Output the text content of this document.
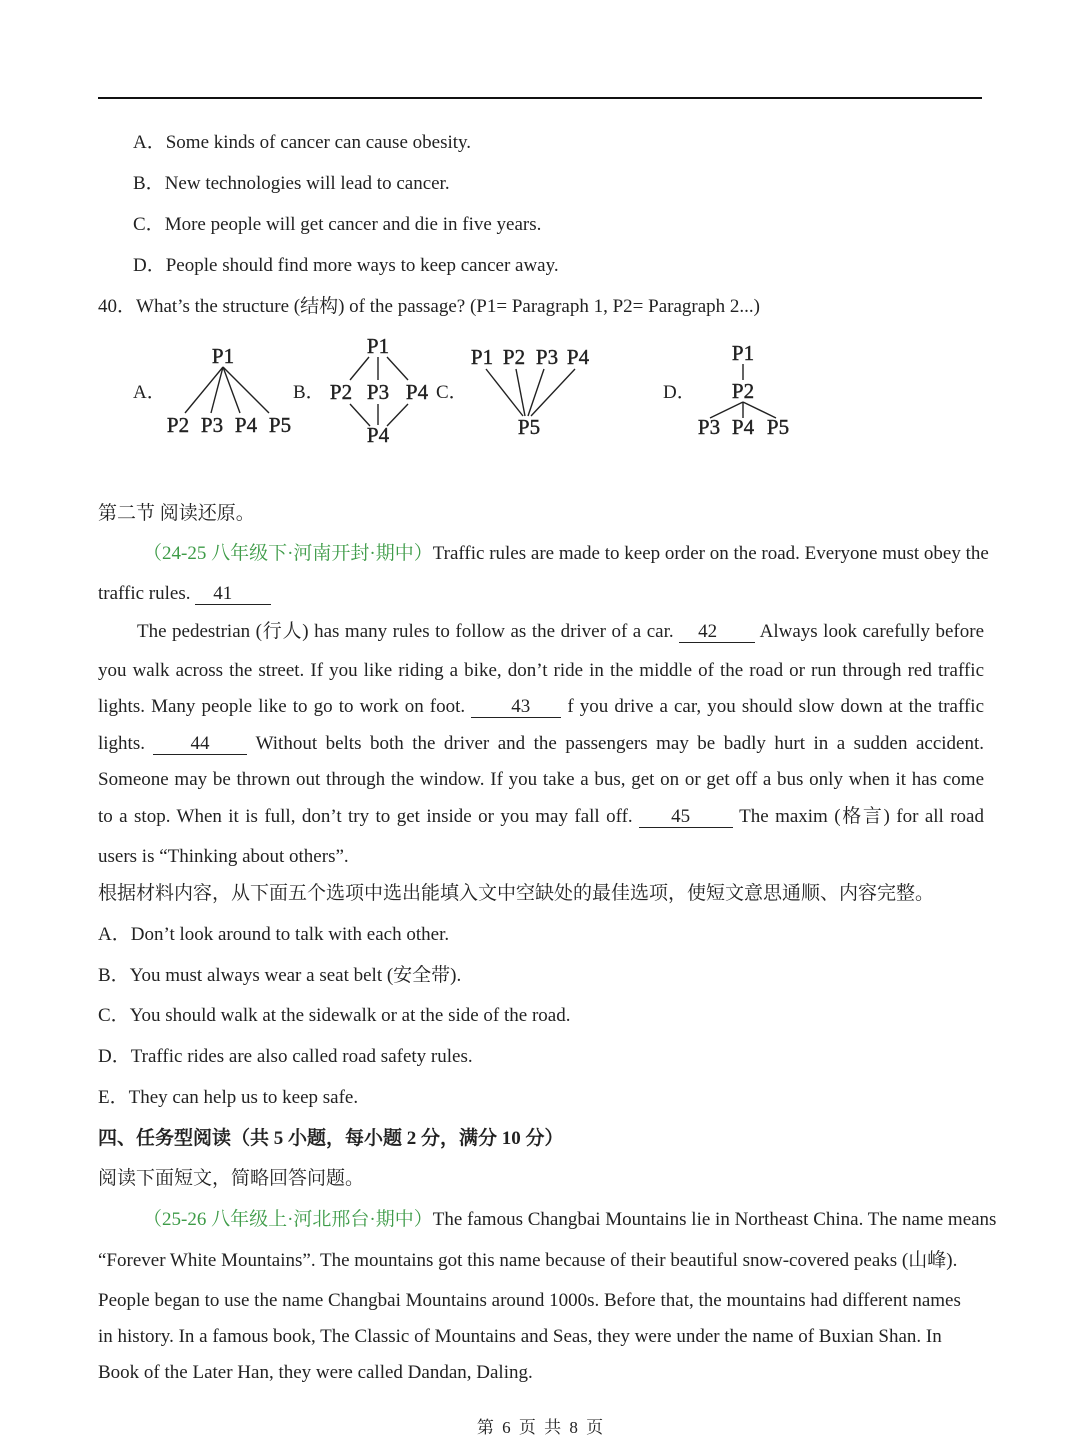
A．Some kinds of cancer can cause obesity.
B．New technologies will lead to cancer.
C．More people will get cancer and die in five years.
D．People should find more ways to keep cancer away.
40．What’s the structure (结构) of the passage? (P1= Paragraph 1, P2= Paragraph 2...)
A．	B．	C．	D．
P1
P2 P3 P4 P5
P1
P2 P3 P4
P4
P1 P2 P3 P4
P5
P1
P2
P3 P4 P5
第二节 阅读还原。
（24-25 八年级下·河南开封·期中）Traffic rules are made to keep order on the road. Everyone must obey the
traffic rules. 41
The pedestrian (行人) has many rules to follow as the driver of a car. 42 Always look carefully before
you walk across the street. If you like riding a bike, don’t ride in the middle of the road or run through red traffic
lights. Many people like to go to work on foot. 43 f you drive a car, you should slow down at the traffic
lights. 44 Without belts both the driver and the passengers may be badly hurt in a sudden accident.
Someone may be thrown out through the window. If you take a bus, get on or get off a bus only when it has come
to a stop. When it is full, don’t try to get inside or you may fall off. 45	The maxim (格言) for all road
users is “Thinking about others”.
根据材料内容，从下面五个选项中选出能填入文中空缺处的最佳选项，使短文意思通顺、内容完整。
A．Don’t look around to talk with each other.
B．You must always wear a seat belt (安全带).
C．You should walk at the sidewalk or at the side of the road.
D．Traffic rides are also called road safety rules.
E．They can help us to keep safe.
四、任务型阅读（共 5 小题，每小题 2 分，满分 10 分）
阅读下面短文，简略回答问题。
（25-26 八年级上·河北邢台·期中）The famous Changbai Mountains lie in Northeast China. The name means
“Forever White Mountains”. The mountains got this name because of their beautiful snow-covered peaks (山峰).
People began to use the name Changbai Mountains around 1000s. Before that, the mountains had different names
in history. In a famous book, The Classic of Mountains and Seas, they were under the name of Buxian Shan. In
Book of the Later Han, they were called Dandan, Daling.
第 6 页 共 8 页
